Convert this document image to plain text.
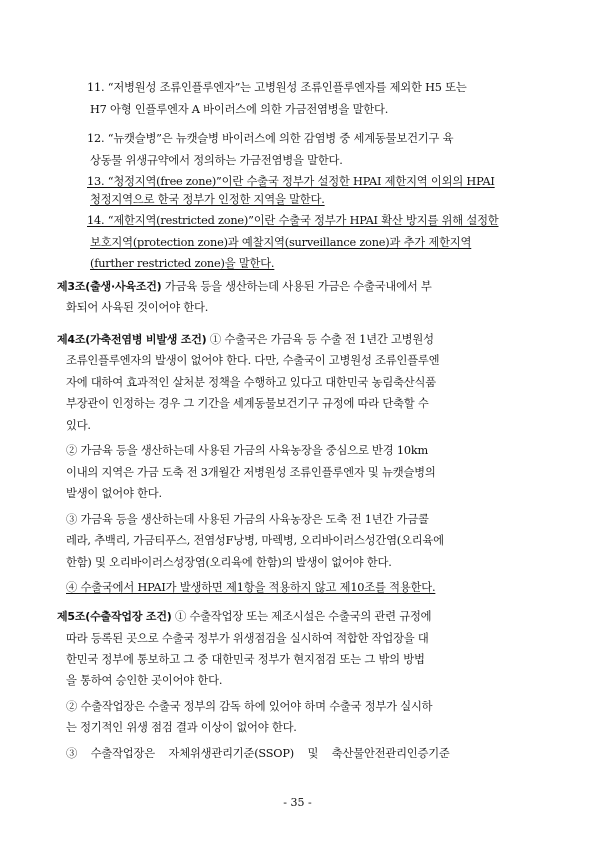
11. “저병원성 조류인플루엔자”는 고병원성 조류인플루엔자를 제외한 H5 또는
H7 아형 인플루엔자 A 바이러스에 의한 가금전염병을 말한다.
12. “뉴캣슬병”은 뉴캣슬병 바이러스에 의한 감염병 중 세계동물보건기구 육
상동물 위생규약에서 정의하는 가금전염병을 말한다.
13. “청정지역(free zone)”이란 수출국 정부가 설정한 HPAI 제한지역 이외의 HPAI
청정지역으로 한국 정부가 인정한 지역을 말한다.
14. “제한지역(restricted zone)”이란 수출국 정부가 HPAI 확산 방지를 위해 설정한
보호지역(protection zone)과 예찰지역(surveillance zone)과 추가 제한지역
(further restricted zone)을 말한다.
제3조(출생·사육조건) 가금육 등을 생산하는데 사용된 가금은 수출국내에서 부
화되어 사육된 것이어야 한다.
제4조(가축전염병 비발생 조건) ① 수출국은 가금육 등 수출 전 1년간 고병원성
조류인플루엔자의 발생이 없어야 한다. 다만, 수출국이 고병원성 조류인플루엔
자에 대하여 효과적인 살처분 정책을 수행하고 있다고 대한민국 농림축산식품
부장관이 인정하는 경우 그 기간을 세계동물보건기구 규정에 따라 단축할 수
있다.
② 가금육 등을 생산하는데 사용된 가금의 사육농장을 중심으로 반경 10km
이내의 지역은 가금 도축 전 3개월간 저병원성 조류인플루엔자 및 뉴캣슬병의
발생이 없어야 한다.
③ 가금육 등을 생산하는데 사용된 가금의 사육농장은 도축 전 1년간 가금콜
레라, 추백리, 가금티푸스, 전염성F낭병, 마렉병, 오리바이러스성간염(오리육에
한함) 및 오리바이러스성장염(오리육에 한함)의 발생이 없어야 한다.
④ 수출국에서 HPAI가 발생하면 제1항을 적용하지 않고 제10조를 적용한다.
제5조(수출작업장 조건) ① 수출작업장 또는 제조시설은 수출국의 관련 규정에
따라 등록된 곳으로 수출국 정부가 위생점검을 실시하여 적합한 작업장을 대
한민국 정부에 통보하고 그 중 대한민국 정부가 현지점검 또는 그 밖의 방법
을 통하여 승인한 곳이어야 한다.
② 수출작업장은 수출국 정부의 감독 하에 있어야 하며 수출국 정부가 실시하
는 정기적인 위생 점검 결과 이상이 없어야 한다.
③    수출작업장은    자체위생관리기준(SSOP)    및    축산물안전관리인증기준
- 35 -
